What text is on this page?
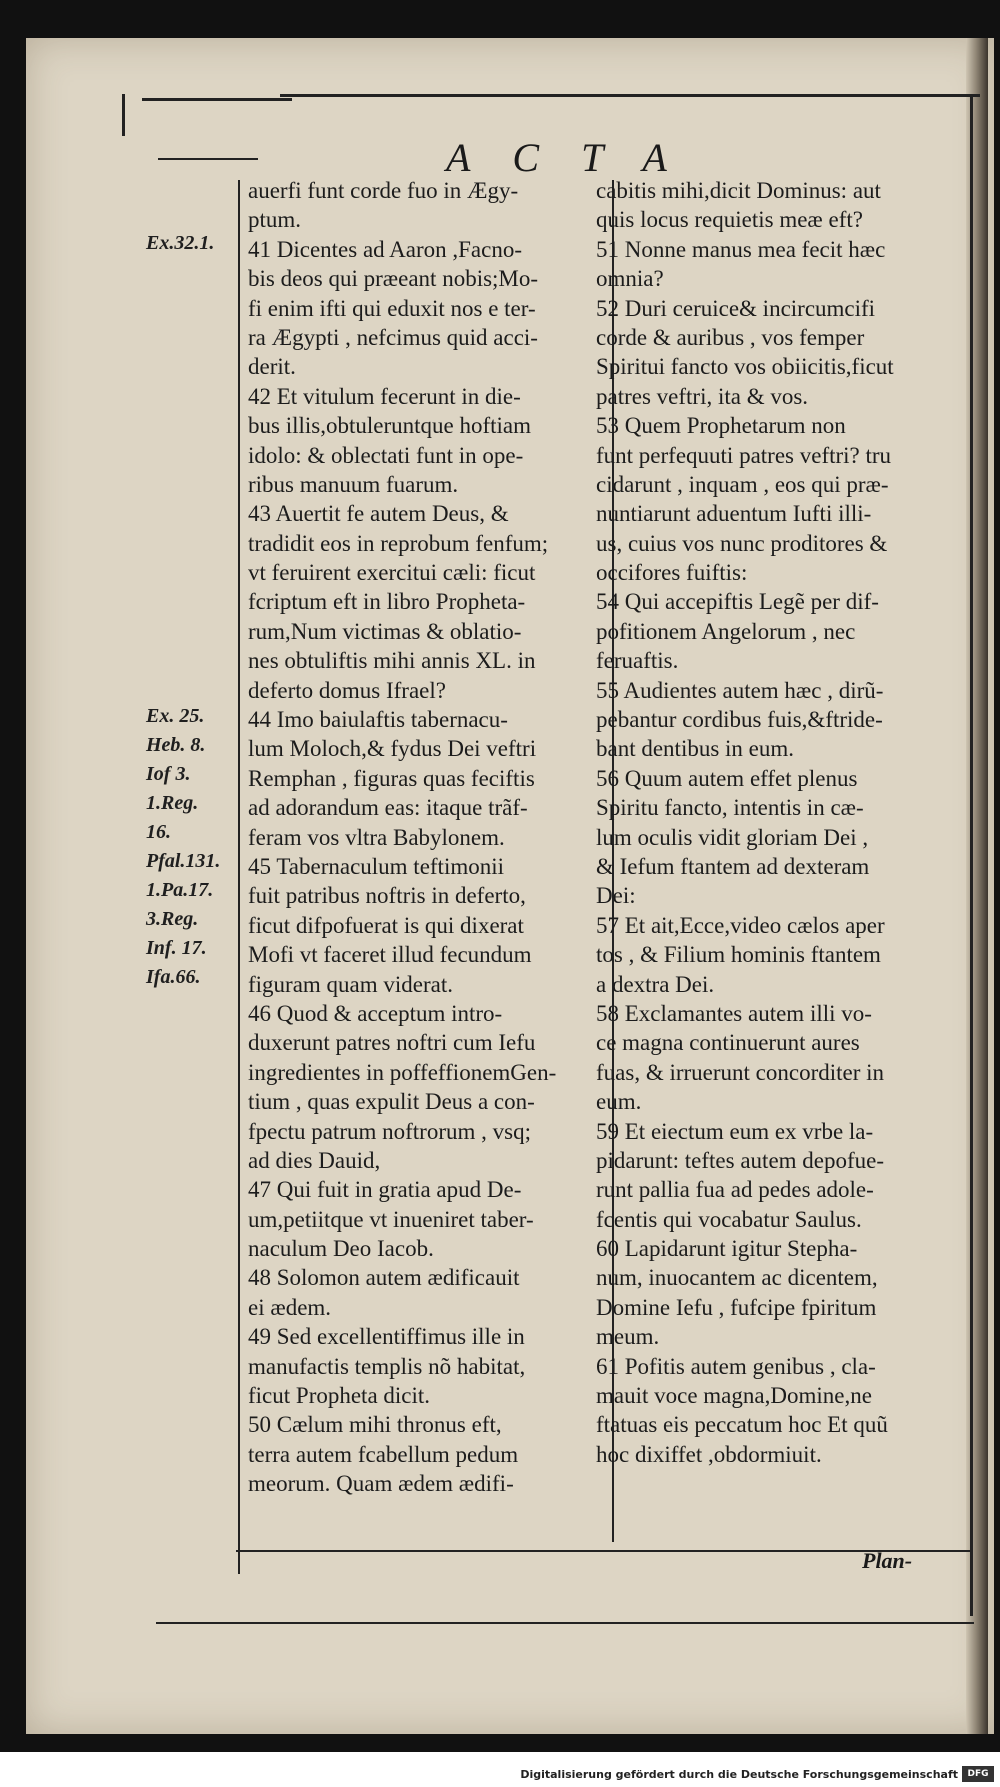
ACTA
Ex.32.1.
Ex. 25.
Heb. 8.
Iof 3.
1.Reg.
16.
Pfal.131.
1.Pa.17.
3.Reg.
Inf. 17.
Ifa.66.
auerfi funt corde fuo in Ægy-
ptum.
41 Dicentes ad Aaron ,Facno-
bis deos qui præeant nobis;Mo-
fi enim ifti qui eduxit nos e ter-
ra Ægypti , nefcimus quid acci-
derit.
42 Et vitulum fecerunt in die-
bus illis,obtuleruntque hoftiam
idolo: & oblectati funt in ope-
ribus manuum fuarum.
43 Auertit fe autem Deus, &
tradidit eos in reprobum fenfum;
vt feruirent exercitui cæli: ficut
fcriptum eft in libro Propheta-
rum,Num victimas & oblatio-
nes obtuliftis mihi annis XL. in
deferto domus Ifrael?
44 Imo baiulaftis tabernacu-
lum Moloch,& fydus Dei veftri
Remphan , figuras quas feciftis
ad adorandum eas: itaque trãf-
feram vos vltra Babylonem.
45 Tabernaculum teftimonii
fuit patribus noftris in deferto,
ficut difpofuerat is qui dixerat
Mofi vt faceret illud fecundum
figuram quam viderat.
46 Quod & acceptum intro-
duxerunt patres noftri cum Iefu
ingredientes in poffeffionemGen-
tium , quas expulit Deus a con-
fpectu patrum noftrorum , vsq;
ad dies Dauid,
47 Qui fuit in gratia apud De-
um,petiitque vt inueniret taber-
naculum Deo Iacob.
48 Solomon autem ædificauit
ei ædem.
49 Sed excellentiffimus ille in
manufactis templis nõ habitat,
ficut Propheta dicit.
50 Cælum mihi thronus eft,
terra autem fcabellum pedum
meorum. Quam ædem ædifi-
cabitis mihi,dicit Dominus: aut
quis locus requietis meæ eft?
51 Nonne manus mea fecit hæc
omnia?
52 Duri ceruice& incircumcifi
corde & auribus , vos femper
Spiritui fancto vos obiicitis,ficut
patres veftri, ita & vos.
53 Quem Prophetarum non
funt perfequuti patres veftri? tru
cidarunt , inquam , eos qui præ-
nuntiarunt aduentum Iufti illi-
us, cuius vos nunc proditores &
occifores fuiftis:
54 Qui accepiftis Legẽ per dif-
pofitionem Angelorum , nec
feruaftis.
55 Audientes autem hæc , dirũ-
pebantur cordibus fuis,&ftride-
bant dentibus in eum.
56 Quum autem effet plenus
Spiritu fancto, intentis in cæ-
lum oculis vidit gloriam Dei ,
& Iefum ftantem ad dexteram
Dei:
57 Et ait,Ecce,video cælos aper
tos , & Filium hominis ftantem
a dextra Dei.
58 Exclamantes autem illi vo-
ce magna continuerunt aures
fuas, & irruerunt concorditer in
eum.
59 Et eiectum eum ex vrbe la-
pidarunt: teftes autem depofue-
runt pallia fua ad pedes adole-
fcentis qui vocabatur Saulus.
60 Lapidarunt igitur Stepha-
num, inuocantem ac dicentem,
Domine Iefu , fufcipe fpiritum
meum.
61 Pofitis autem genibus , cla-
mauit voce magna,Domine,ne
ftatuas eis peccatum hoc Et quũ
hoc dixiffet ,obdormiuit.
Plan-
Digitalisierung gefördert durch die Deutsche Forschungsgemeinschaft	DFG
